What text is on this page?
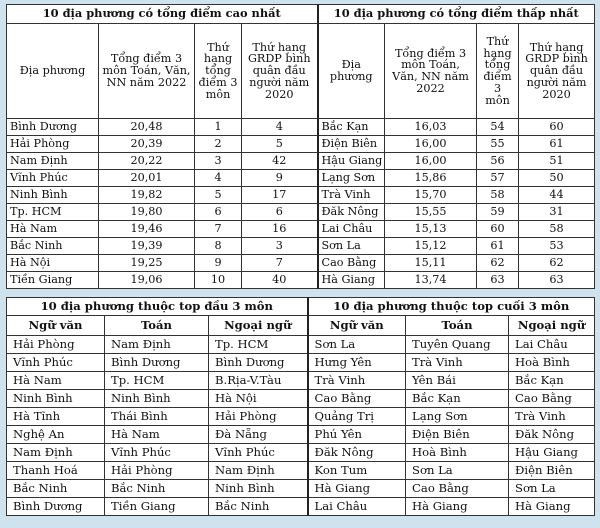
10 địa phương có tổng điểm cao nhất				10 địa phương có tổng điểm thấp nhất			
Địa phương	Tổng điểm 3 môn Toán, Văn, NN năm 2022	Thứ hạng tổng điểm 3 môn	Thứ hạng GRDP bình quân đầu người năm 2020	Địa phương	Tổng điểm 3 môn Toán, Văn, NN năm 2022	Thứ hạng tổng điểm 3 môn	Thứ hạng GRDP bình quân đầu người năm 2020
Bình Dương	20,48	1	4	Bắc Kạn	16,03	54	60
Hải Phòng	20,39	2	5	Điện Biên	16,00	55	61
Nam Định	20,22	3	42	Hậu Giang	16,00	56	51
Vĩnh Phúc	20,01	4	9	Lạng Sơn	15,86	57	50
Ninh Bình	19,82	5	17	Trà Vinh	15,70	58	44
Tp. HCM	19,80	6	6	Đăk Nông	15,55	59	31
Hà Nam	19,46	7	16	Lai Châu	15,13	60	58
Bắc Ninh	19,39	8	3	Sơn La	15,12	61	53
Hà Nội	19,25	9	7	Cao Bằng	15,11	62	62
Tiền Giang	19,06	10	40	Hà Giang	13,74	63	63
10 địa phương thuộc top đầu 3 môn			10 địa phương thuộc top cuối 3 môn		
Ngữ văn	Toán	Ngoại ngữ	Ngữ văn	Toán	Ngoại ngữ
Hải Phòng	Nam Định	Tp. HCM	Sơn La	Tuyên Quang	Lai Châu
Vĩnh Phúc	Bình Dương	Bình Dương	Hưng Yên	Trà Vinh	Hoà Bình
Hà Nam	Tp. HCM	B.Rịa-V.Tàu	Trà Vinh	Yên Bái	Bắc Kạn
Ninh Bình	Ninh Bình	Hà Nội	Cao Bằng	Bắc Kạn	Cao Bằng
Hà Tĩnh	Thái Bình	Hải Phòng	Quảng Trị	Lạng Sơn	Trà Vinh
Nghệ An	Hà Nam	Đà Nẵng	Phú Yên	Điện Biên	Đăk Nông
Nam Định	Vĩnh Phúc	Vĩnh Phúc	Đăk Nông	Hoà Bình	Hậu Giang
Thanh Hoá	Hải Phòng	Nam Định	Kon Tum	Sơn La	Điện Biên
Bắc Ninh	Bắc Ninh	Ninh Bình	Hà Giang	Cao Bằng	Sơn La
Bình Dương	Tiền Giang	Bắc Ninh	Lai Châu	Hà Giang	Hà Giang
